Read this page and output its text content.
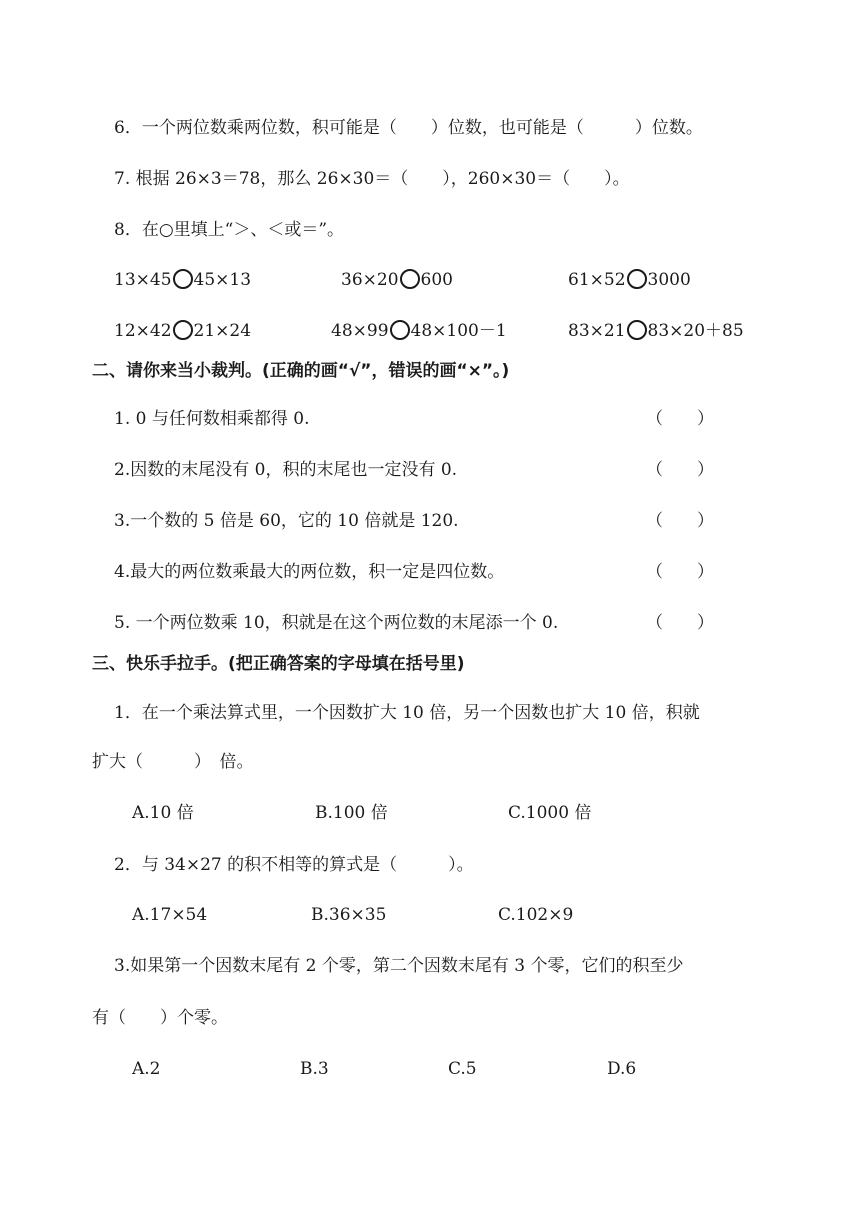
6．一个两位数乘两位数，积可能是（　　）位数，也可能是（　　　）位数。
7. 根据 26×3＝78，那么 26×30＝（　　），260×30＝（　　）。
8．在○里填上“＞、＜或＝”。
13×45 45×13	36×20 600	61×52 3000
12×42 21×24	48×99 48×100－1	83×21 83×20＋85
二、请你来当小裁判。(正确的画“√”，错误的画“×”。)
1. 0 与任何数相乘都得 0.	（　　）
2.因数的末尾没有 0，积的末尾也一定没有 0.	（　　）
3.一个数的 5 倍是 60，它的 10 倍就是 120.	（　　）
4.最大的两位数乘最大的两位数，积一定是四位数。	（　　）
5. 一个两位数乘 10，积就是在这个两位数的末尾添一个 0.	（　　）
三、快乐手拉手。(把正确答案的字母填在括号里)
1．在一个乘法算式里，一个因数扩大 10 倍，另一个因数也扩大 10 倍，积就
扩大（　　　）　倍。
A.10 倍	B.100 倍	C.1000 倍
2．与 34×27 的积不相等的算式是（　　　）。
A.17×54	B.36×35	C.102×9
3.如果第一个因数末尾有 2 个零，第二个因数末尾有 3 个零，它们的积至少
有（　　）个零。
A.2	B.3	C.5	D.6
